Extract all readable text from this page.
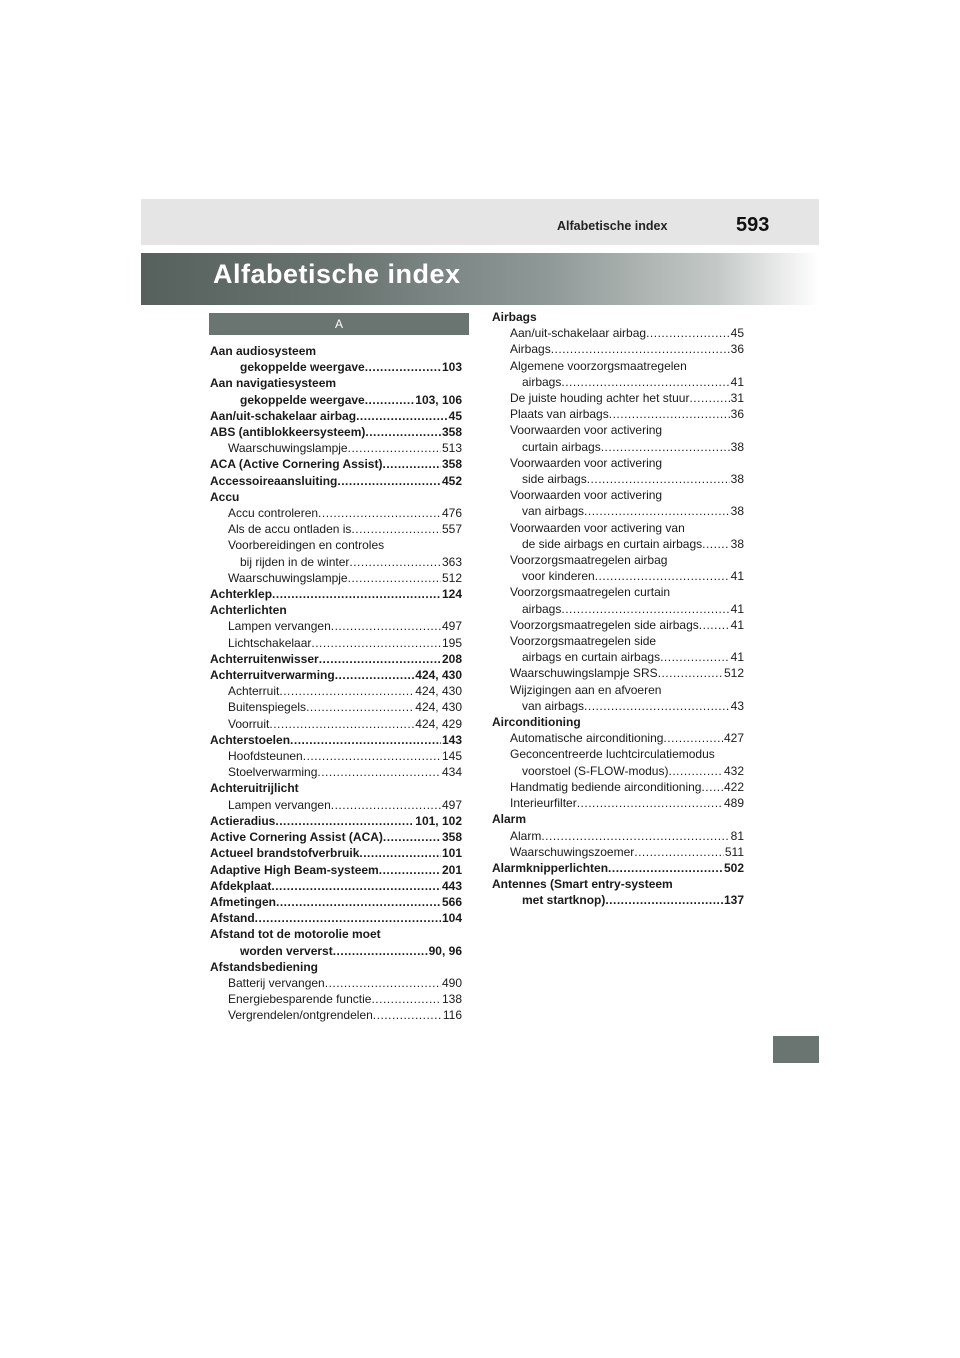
Alfabetische index	593
Alfabetische index
A
Aan audiosysteem
gekoppelde weergave .....	103
Aan navigatiesysteem
gekoppelde weergave .....	103, 106
Aan/uit-schakelaar airbag .....	45
ABS (antiblokkeersysteem) .....	358
Waarschuwingslampje .....	513
ACA (Active Cornering Assist) .....	358
Accessoireaansluiting .....	452
Accu
Accu controleren .....	476
Als de accu ontladen is .....	557
Voorbereidingen en controles
bij rijden in de winter .....	363
Waarschuwingslampje .....	512
Achterklep .....	124
Achterlichten
Lampen vervangen .....	497
Lichtschakelaar .....	195
Achterruitenwisser .....	208
Achterruitverwarming .....	424, 430
Achterruit .....	424, 430
Buitenspiegels .....	424, 430
Voorruit .....	424, 429
Achterstoelen .....	143
Hoofdsteunen .....	145
Stoelverwarming .....	434
Achteruitrijlicht
Lampen vervangen .....	497
Actieradius .....	101, 102
Active Cornering Assist (ACA) .....	358
Actueel brandstofverbruik .....	101
Adaptive High Beam-systeem .....	201
Afdekplaat .....	443
Afmetingen .....	566
Afstand .....	104
Afstand tot de motorolie moet
worden ververst .....	90, 96
Afstandsbediening
Batterij vervangen .....	490
Energiebesparende functie .....	138
Vergrendelen/ontgrendelen .....	116
Airbags
Aan/uit-schakelaar airbag .....	45
Airbags .....	36
Algemene voorzorgsmaatregelen
airbags .....	41
De juiste houding achter het stuur .....	31
Plaats van airbags .....	36
Voorwaarden voor activering
curtain airbags .....	38
Voorwaarden voor activering
side airbags .....	38
Voorwaarden voor activering
van airbags .....	38
Voorwaarden voor activering van
de side airbags en curtain airbags ..... 38
Voorzorgsmaatregelen airbag
voor kinderen .....	41
Voorzorgsmaatregelen curtain
airbags .....	41
Voorzorgsmaatregelen side airbags .....	41
Voorzorgsmaatregelen side
airbags en curtain airbags .....	41
Waarschuwingslampje SRS .....	512
Wijzigingen aan en afvoeren
van airbags .....	43
Airconditioning
Automatische airconditioning .....	427
Geconcentreerde luchtcirculatiemodus
voorstoel (S-FLOW-modus) .....	432
Handmatig bediende airconditioning ..... 422
Interieurfilter .....	489
Alarm
Alarm .....	81
Waarschuwingszoemer .....	511
Alarmknipperlichten .....	502
Antennes (Smart entry-systeem
met startknop) .....	137
